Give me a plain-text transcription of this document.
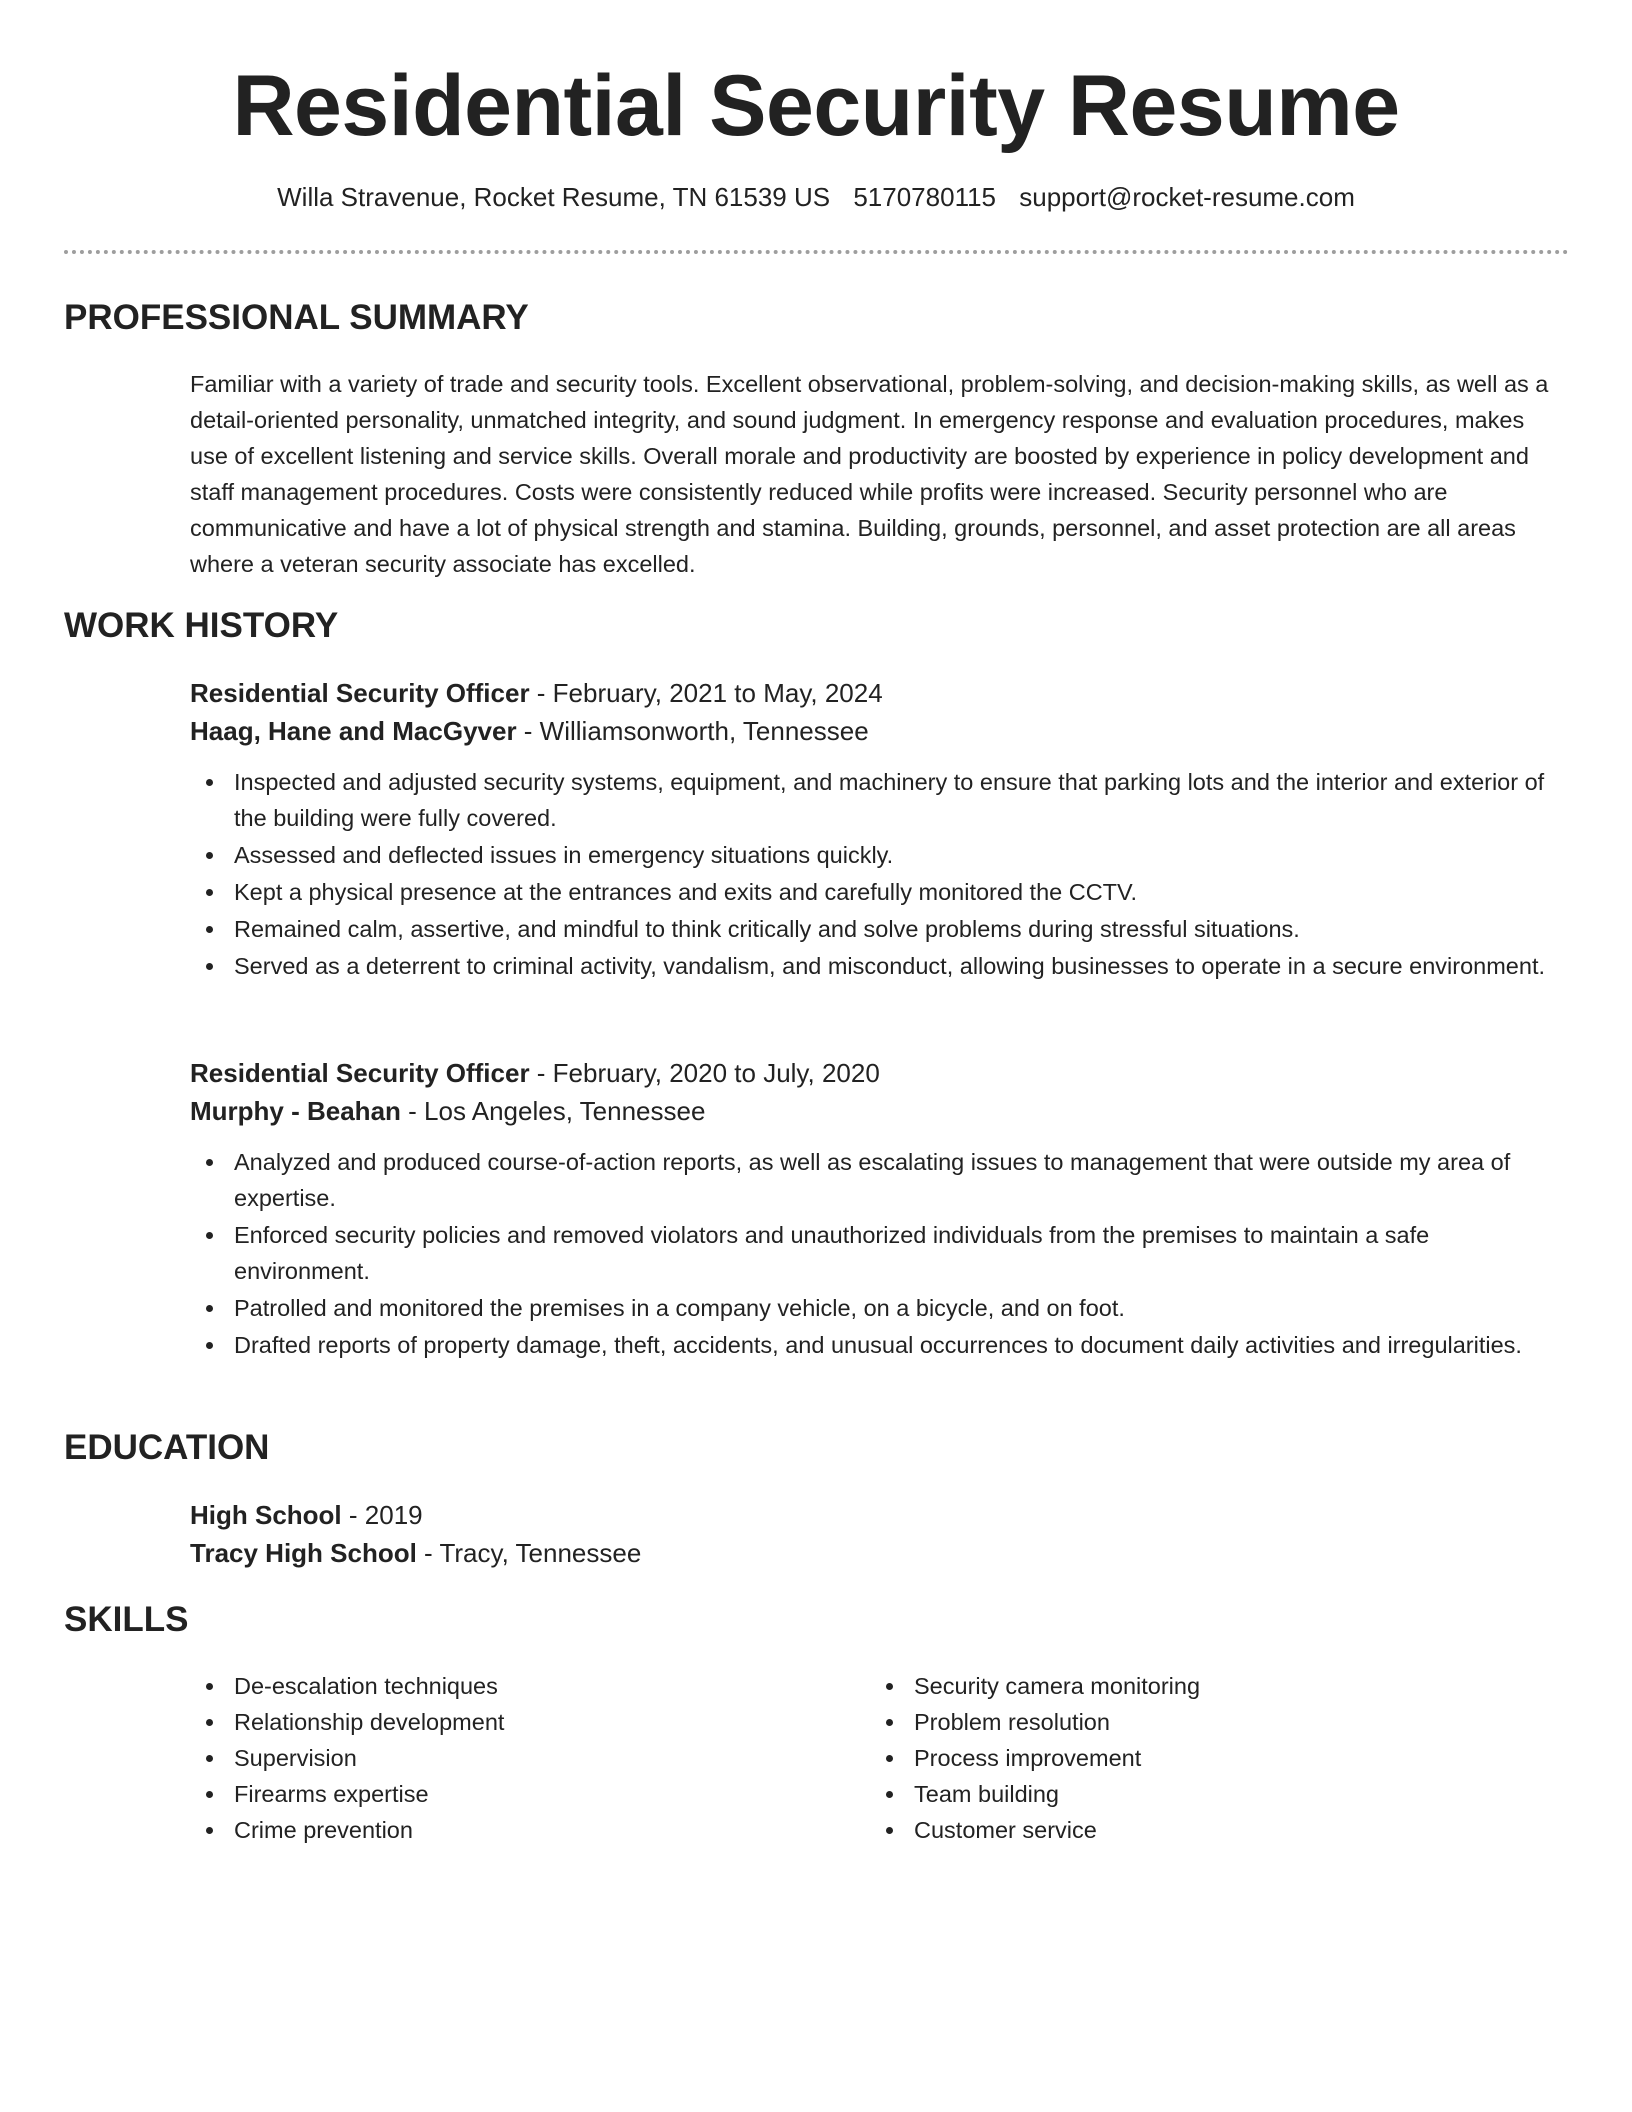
Residential Security Resume
Willa Stravenue, Rocket Resume, TN 61539 US 5170780115 support@rocket-resume.com
PROFESSIONAL SUMMARY

Familiar with a variety of trade and security tools. Excellent observational, problem-solving, and decision-making skills, as well as a detail-oriented personality, unmatched integrity, and sound judgment. In emergency response and evaluation procedures, makes use of excellent listening and service skills. Overall morale and productivity are boosted by experience in policy development and staff management procedures. Costs were consistently reduced while profits were increased. Security personnel who are communicative and have a lot of physical strength and stamina. Building, grounds, personnel, and asset protection are all areas where a veteran security associate has excelled.

WORK HISTORY
Residential Security Officer - February, 2021 to May, 2024
Haag, Hane and MacGyver - Williamsonworth, Tennessee
Inspected and adjusted security systems, equipment, and machinery to ensure that parking lots and the interior and exterior of the building were fully covered.
Assessed and deflected issues in emergency situations quickly.
Kept a physical presence at the entrances and exits and carefully monitored the CCTV.
Remained calm, assertive, and mindful to think critically and solve problems during stressful situations.
Served as a deterrent to criminal activity, vandalism, and misconduct, allowing businesses to operate in a secure environment.
Residential Security Officer - February, 2020 to July, 2020
Murphy - Beahan - Los Angeles, Tennessee
Analyzed and produced course-of-action reports, as well as escalating issues to management that were outside my area of expertise.
Enforced security policies and removed violators and unauthorized individuals from the premises to maintain a safe environment.
Patrolled and monitored the premises in a company vehicle, on a bicycle, and on foot.
Drafted reports of property damage, theft, accidents, and unusual occurrences to document daily activities and irregularities.
EDUCATION
High School - 2019
Tracy High School - Tracy, Tennessee
SKILLS
De-escalation techniques
Relationship development
Supervision
Firearms expertise
Crime prevention
Security camera monitoring
Problem resolution
Process improvement
Team building
Customer service
